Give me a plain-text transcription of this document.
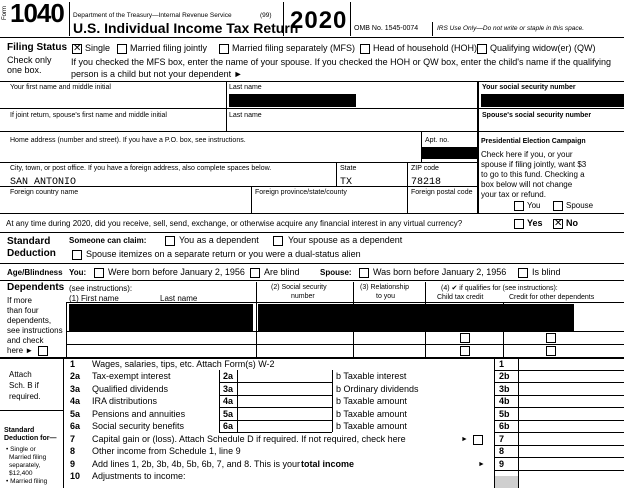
Form 1040 Department of the Treasury—Internal Revenue Service	(99)
U.S. Individual Income Tax Return
2020 OMB No. 1545-0074	IRS Use Only—Do not write or staple in this space.
Filing Status
Check only
one box.
✕ Single Married filing jointly	Married filing separately (MFS) Head of household (HOH) Qualifying widow(er) (QW)
If you checked the MFS box, enter the name of your spouse. If you checked the HOH or QW box, enter the child's name if the qualifying
person is a child but not your dependent ►
Your first name and middle initial	Last name	Your social security number
If joint return, spouse's first name and middle initial	Last name	Spouse's social security number
Home address (number and street). If you have a P.O. box, see instructions.	Apt. no.	Presidential Election Campaign
Check here if you, or your
spouse if filing jointly, want $3
to go to this fund. Checking a
box below will not change
your tax or refund.
You	Spouse
City, town, or post office. If you have a foreign address, also complete spaces below.
SAN ANTONIO
State
TX
ZIP code
78218
Foreign country name	Foreign province/state/county	Foreign postal code
At any time during 2020, did you receive, sell, send, exchange, or otherwise acquire any financial interest in any virtual currency?	Yes ✕ No
Standard
Deduction
Someone can claim:	You as a dependent	Your spouse as a dependent
Spouse itemizes on a separate return or you were a dual-status alien
Age/Blindness You: Were born before January 2, 1956 Are blind	Spouse: Was born before January 2, 1956	Is blind
Dependents (see instructions):
(1) First name	Last name
(2) Social security
number
(3) Relationship
to you
(4) ✔ if qualifies for (see instructions):
Child tax credit	Credit for other dependents
If more
than four
dependents,
see instructions
and check
here ►
Attach
Sch. B if
required.
Standard
Deduction for—
• Single or
Married filing
separately,
$12,400
• Married filing
1 Wages, salaries, tips, etc. Attach Form(s) W-2	1
2a Tax-exempt interest	2a	b Taxable interest	2b
3a Qualified dividends	3a	b Ordinary dividends	3b
4a IRA distributions	4a	b Taxable amount	4b
5a Pensions and annuities	5a	b Taxable amount	5b
6a Social security benefits	6a	b Taxable amount	6b
7 Capital gain or (loss). Attach Schedule D if required. If not required, check here	7
8 Other income from Schedule 1, line 9	8
9 Add lines 1, 2b, 3b, 4b, 5b, 6b, 7, and 8. This is your total income	9
10 Adjustments to income:
►
►
